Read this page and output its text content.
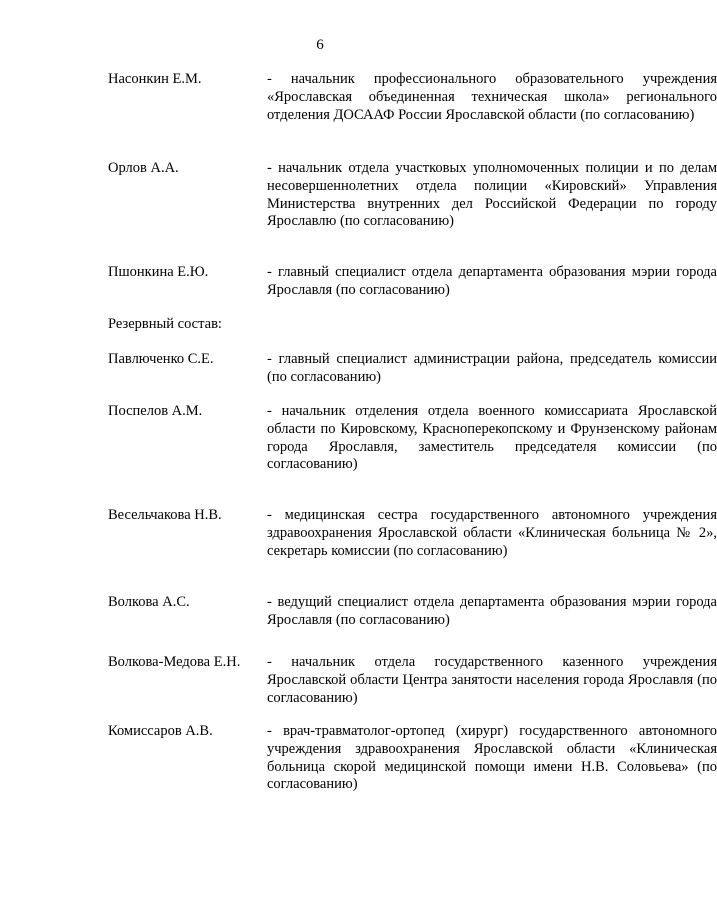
6
Насонкин Е.М.	- начальник профессионального образовательного учреждения «Ярославская объединенная техническая школа» регионального отделения ДОСААФ России Ярославской области (по согласованию)
Орлов А.А.	- начальник отдела участковых уполномоченных полиции и по делам несовершеннолетних отдела полиции «Кировский» Управления Министерства внутренних дел Российской Федерации по городу Ярославлю (по согласованию)
Пшонкина Е.Ю.	- главный специалист отдела департамента образования мэрии города Ярославля (по согласованию)
Резервный состав:
Павлюченко С.Е.	- главный специалист администрации района, председатель комиссии (по согласованию)
Поспелов А.М.	- начальник отделения отдела военного комиссариата Ярославской области по Кировскому, Красноперекопскому и Фрунзенскому районам города Ярославля, заместитель председателя комиссии (по согласованию)
Весельчакова Н.В.	- медицинская сестра государственного автономного учреждения здравоохранения Ярославской области «Клиническая больница № 2», секретарь комиссии (по согласованию)
Волкова А.С.	- ведущий специалист отдела департамента образования мэрии города Ярославля (по согласованию)
Волкова-Медова Е.Н.	- начальник отдела государственного казенного учреждения Ярославской области Центра занятости населения города Ярославля (по согласованию)
Комиссаров А.В.	- врач-травматолог-ортопед (хирург) государственного автономного учреждения здравоохранения Ярославской области «Клиническая больница скорой медицинской помощи имени Н.В. Соловьева» (по согласованию)
